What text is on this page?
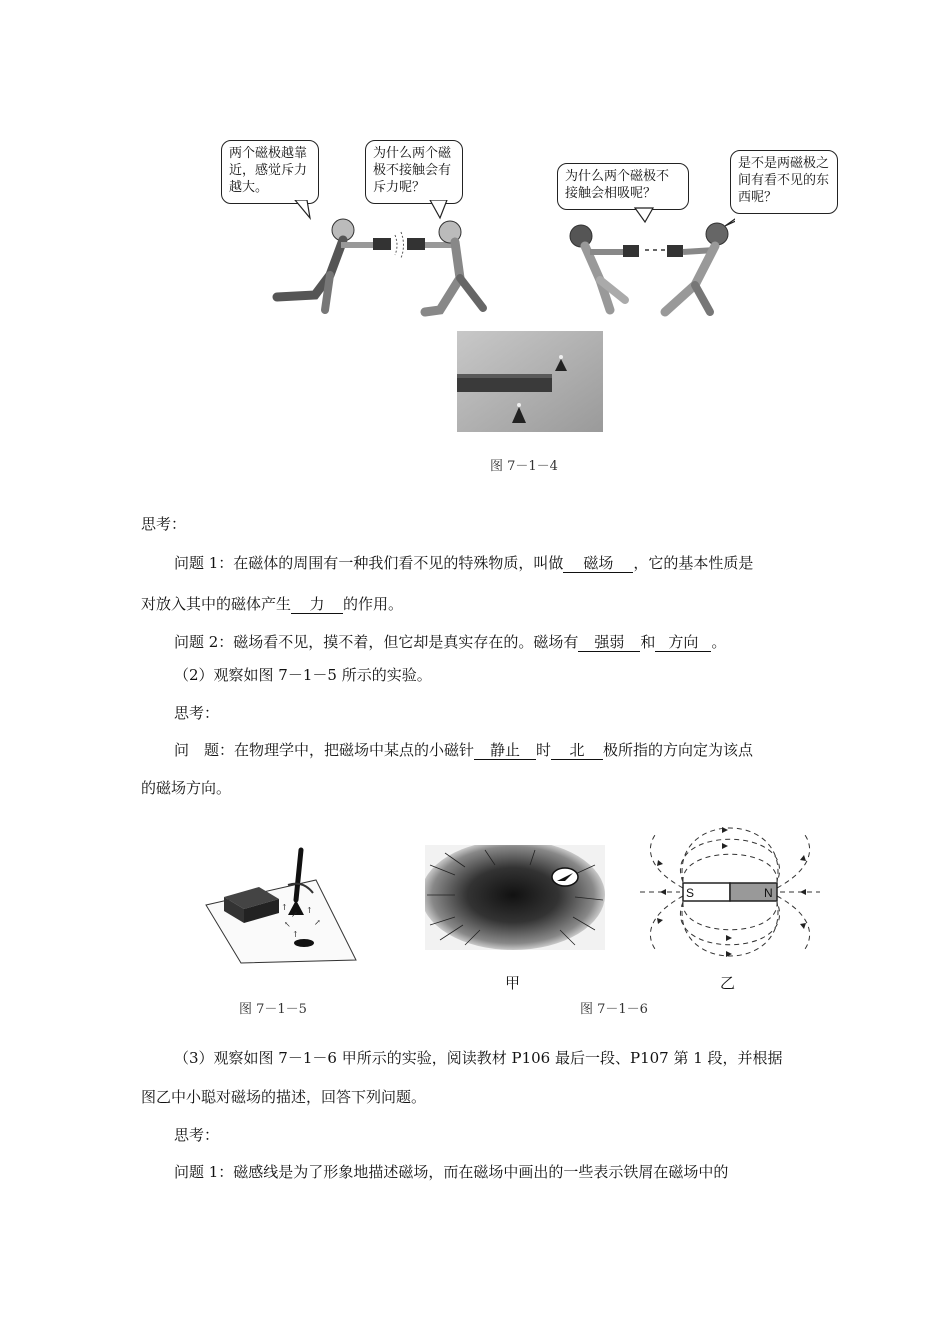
两个磁极越靠近，感觉斥力越大。
为什么两个磁极不接触会有斥力呢？
为什么两个磁极不接触会相吸呢？
是不是两磁极之间有看不见的东西呢？
图 7－1－4
思考：
问题 1：在磁体的周围有一种我们看不见的特殊物质，叫做 磁场 ，它的基本性质是
对放入其中的磁体产生 力 的作用。
问题 2：磁场看不见，摸不着，但它却是真实存在的。磁场有 强弱 和 方向 。
（2）观察如图 7－1－5 所示的实验。
思考：
问　题：在物理学中，把磁场中某点的小磁针 静止 时 北 极所指的方向定为该点
的磁场方向。
↑
↗ ↑
↖	↗
↑
图 7－1－5
甲
S	N
乙
图 7－1－6
（3）观察如图 7－1－6 甲所示的实验，阅读教材 P106 最后一段、P107 第 1 段，并根据
图乙中小聪对磁场的描述，回答下列问题。
思考：
问题 1：磁感线是为了形象地描述磁场，而在磁场中画出的一些表示铁屑在磁场中的
